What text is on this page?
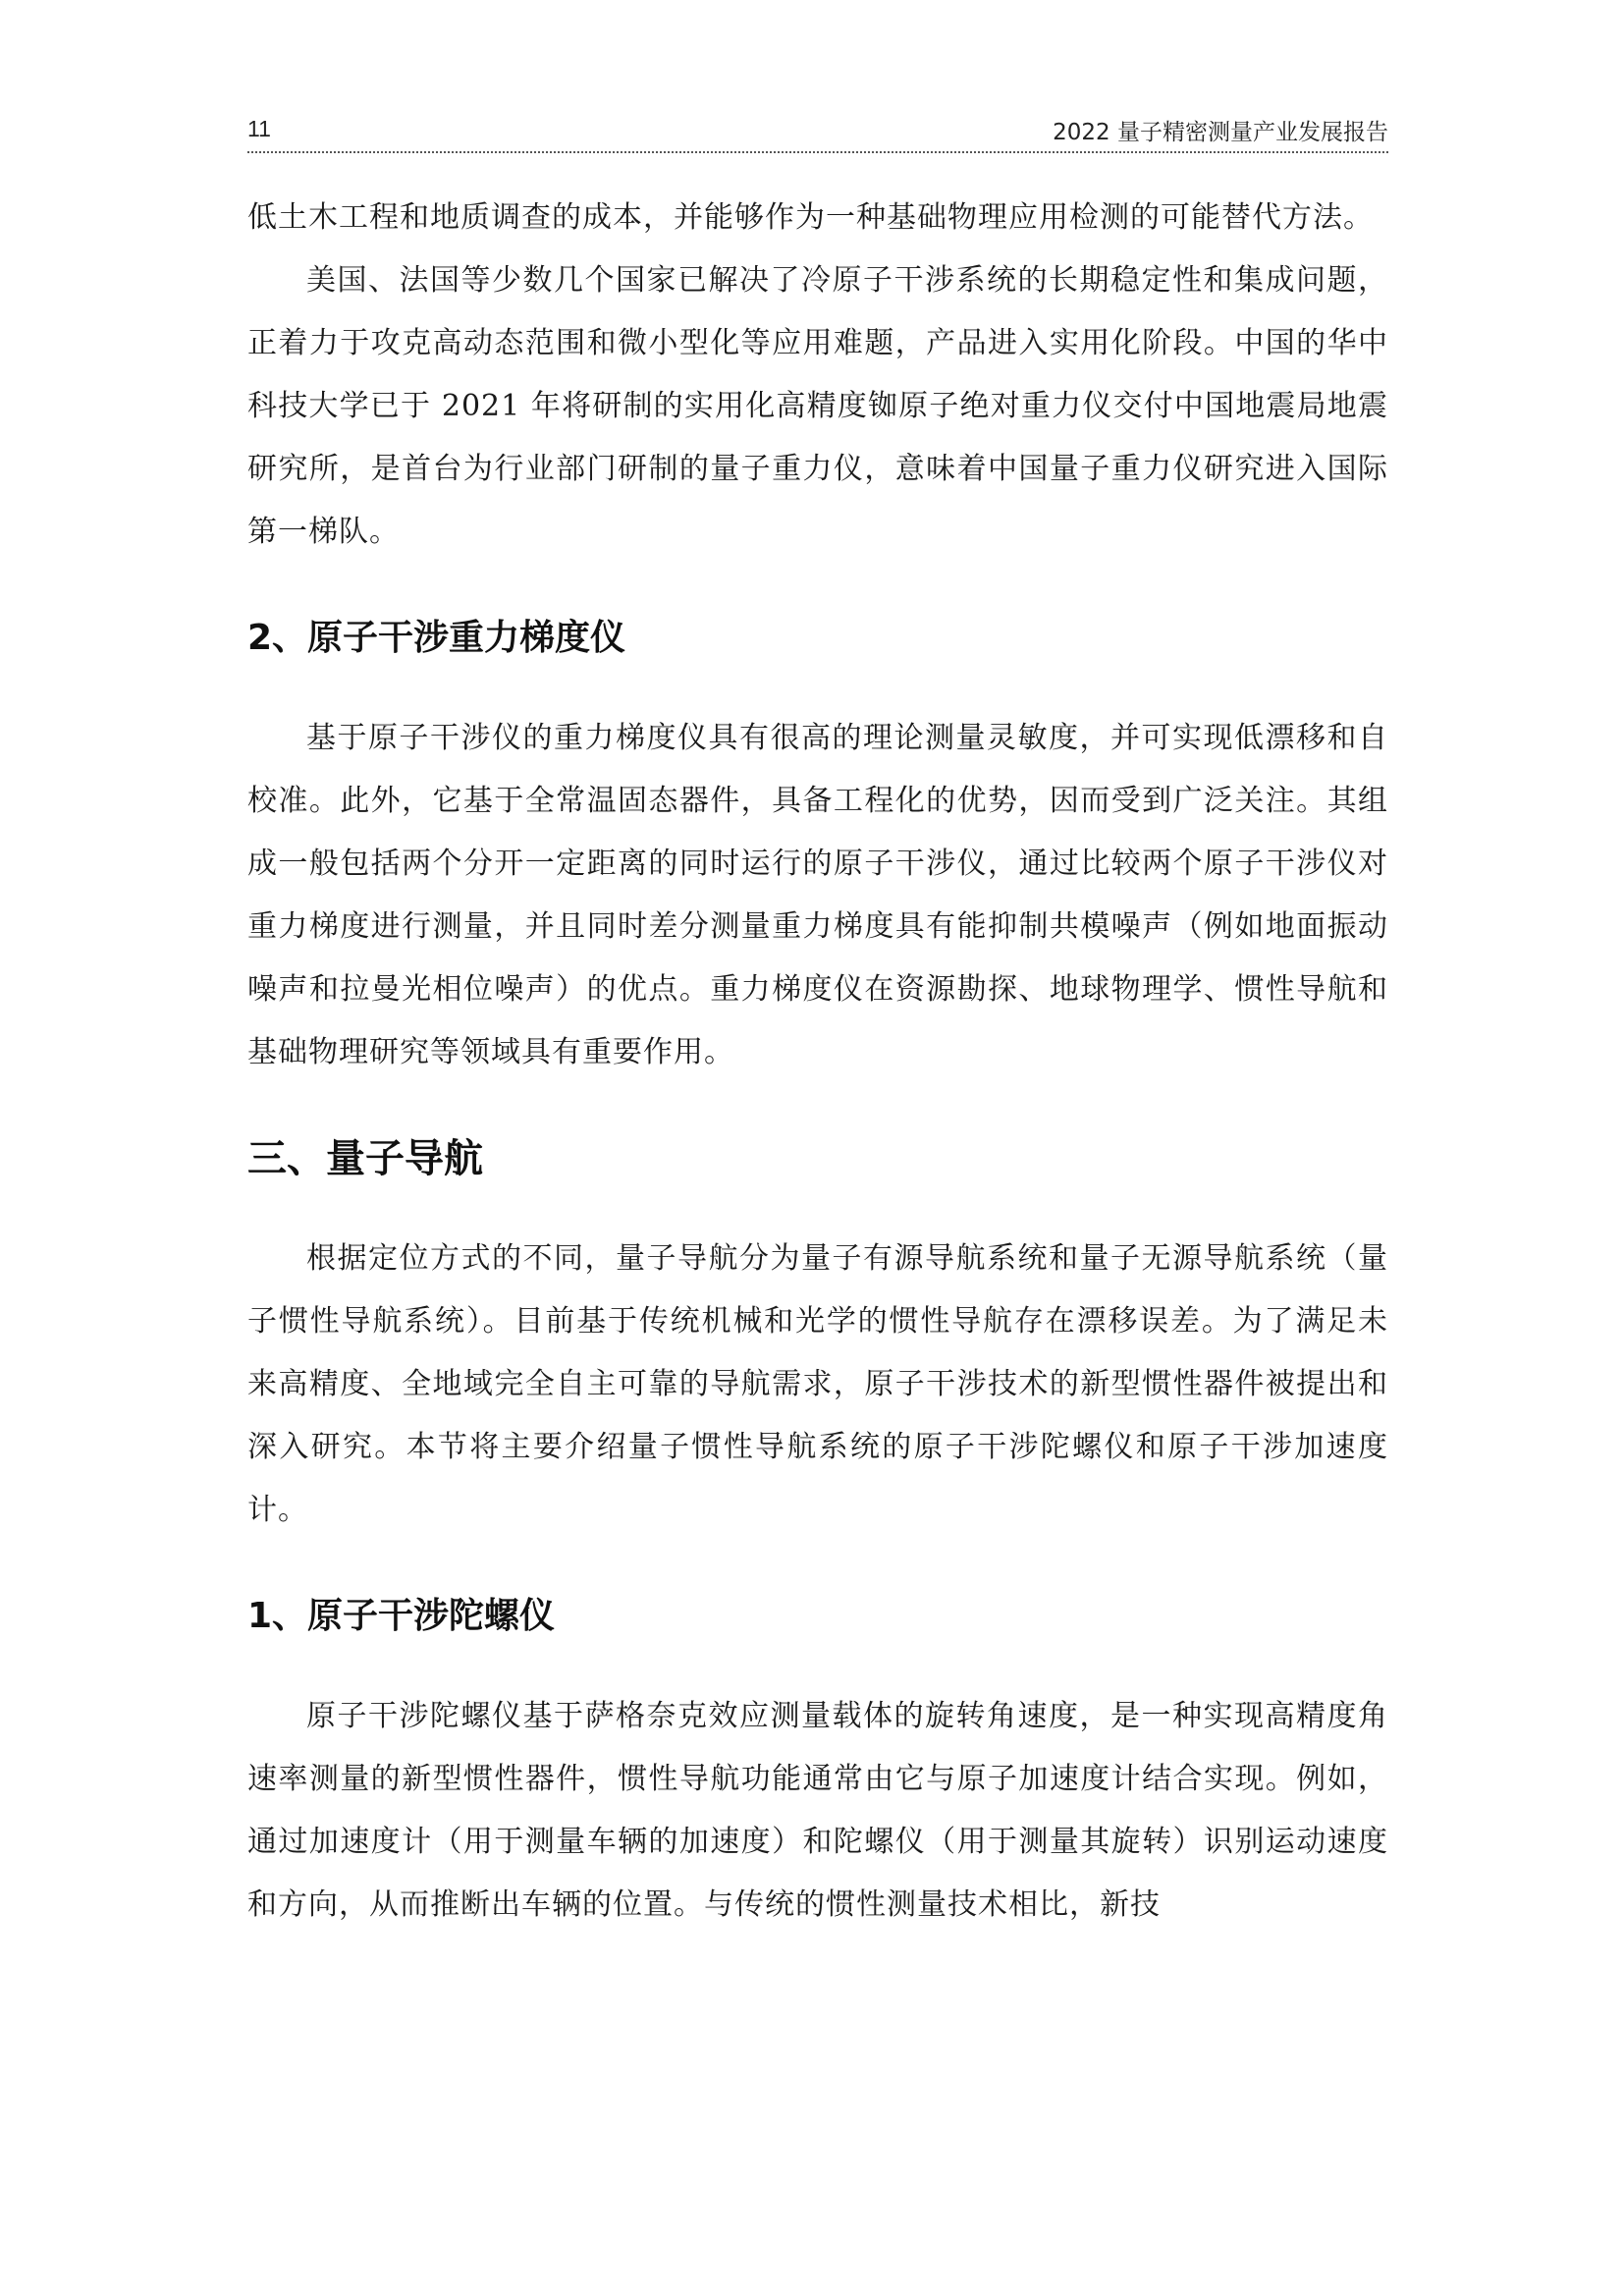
11	2022 量子精密测量产业发展报告

低土木工程和地质调查的成本，并能够作为一种基础物理应用检测的可能替代方法。

美国、法国等少数几个国家已解决了冷原子干涉系统的长期稳定性和集成问题，正着力于攻克高动态范围和微小型化等应用难题，产品进入实用化阶段。中国的华中科技大学已于 2021 年将研制的实用化高精度铷原子绝对重力仪交付中国地震局地震研究所，是首台为行业部门研制的量子重力仪，意味着中国量子重力仪研究进入国际第一梯队。

2、原子干涉重力梯度仪

基于原子干涉仪的重力梯度仪具有很高的理论测量灵敏度，并可实现低漂移和自校准。此外，它基于全常温固态器件，具备工程化的优势，因而受到广泛关注。其组成一般包括两个分开一定距离的同时运行的原子干涉仪，通过比较两个原子干涉仪对重力梯度进行测量，并且同时差分测量重力梯度具有能抑制共模噪声（例如地面振动噪声和拉曼光相位噪声）的优点。重力梯度仪在资源勘探、地球物理学、惯性导航和基础物理研究等领域具有重要作用。

三、量子导航

根据定位方式的不同，量子导航分为量子有源导航系统和量子无源导航系统（量子惯性导航系统）。目前基于传统机械和光学的惯性导航存在漂移误差。为了满足未来高精度、全地域完全自主可靠的导航需求，原子干涉技术的新型惯性器件被提出和深入研究。本节将主要介绍量子惯性导航系统的原子干涉陀螺仪和原子干涉加速度计。

1、原子干涉陀螺仪

原子干涉陀螺仪基于萨格奈克效应测量载体的旋转角速度，是一种实现高精度角速率测量的新型惯性器件，惯性导航功能通常由它与原子加速度计结合实现。例如，通过加速度计（用于测量车辆的加速度）和陀螺仪（用于测量其旋转）识别运动速度和方向，从而推断出车辆的位置。与传统的惯性测量技术相比，新技
